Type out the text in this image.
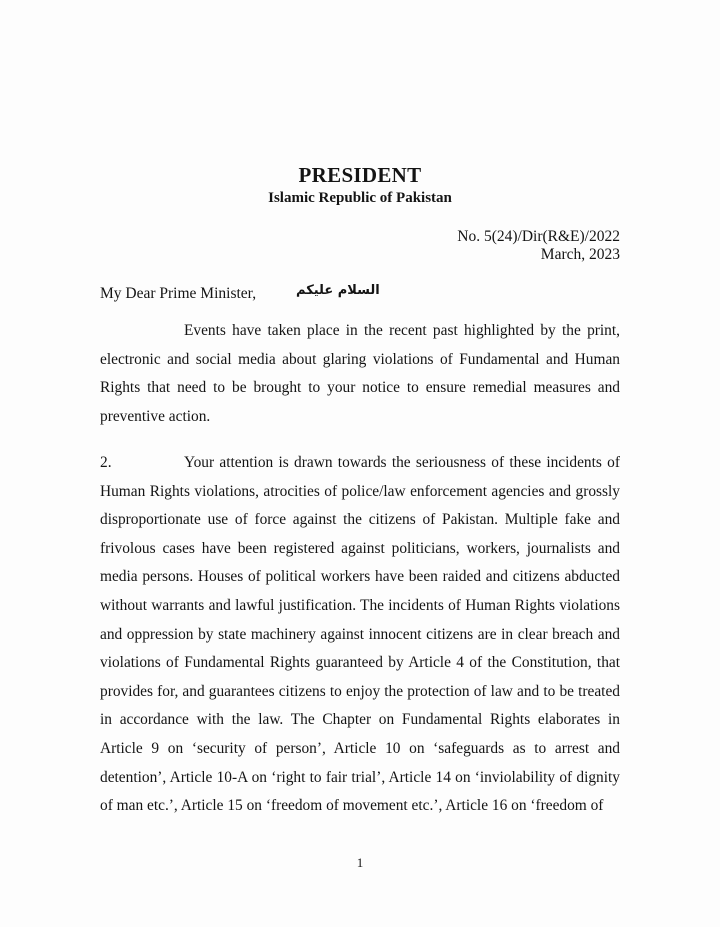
PRESIDENT
Islamic Republic of Pakistan
No. 5(24)/Dir(R&E)/2022
March, 2023
My Dear Prime Minister,	السلام علیکم

Events have taken place in the recent past highlighted by the print, electronic and social media about glaring violations of Fundamental and Human Rights that need to be brought to your notice to ensure remedial measures and preventive action.

2.	Your attention is drawn towards the seriousness of these incidents of Human Rights violations, atrocities of police/law enforcement agencies and grossly disproportionate use of force against the citizens of Pakistan. Multiple fake and frivolous cases have been registered against politicians, workers, journalists and media persons. Houses of political workers have been raided and citizens abducted without warrants and lawful justification. The incidents of Human Rights violations and oppression by state machinery against innocent citizens are in clear breach and violations of Fundamental Rights guaranteed by Article 4 of the Constitution, that provides for, and guarantees citizens to enjoy the protection of law and to be treated in accordance with the law. The Chapter on Fundamental Rights elaborates in Article 9 on ‘security of person’, Article 10 on ‘safeguards as to arrest and detention’, Article 10-A on ‘right to fair trial’, Article 14 on ‘inviolability of dignity of man etc.’, Article 15 on ‘freedom of movement etc.’, Article 16 on ‘freedom of

1
